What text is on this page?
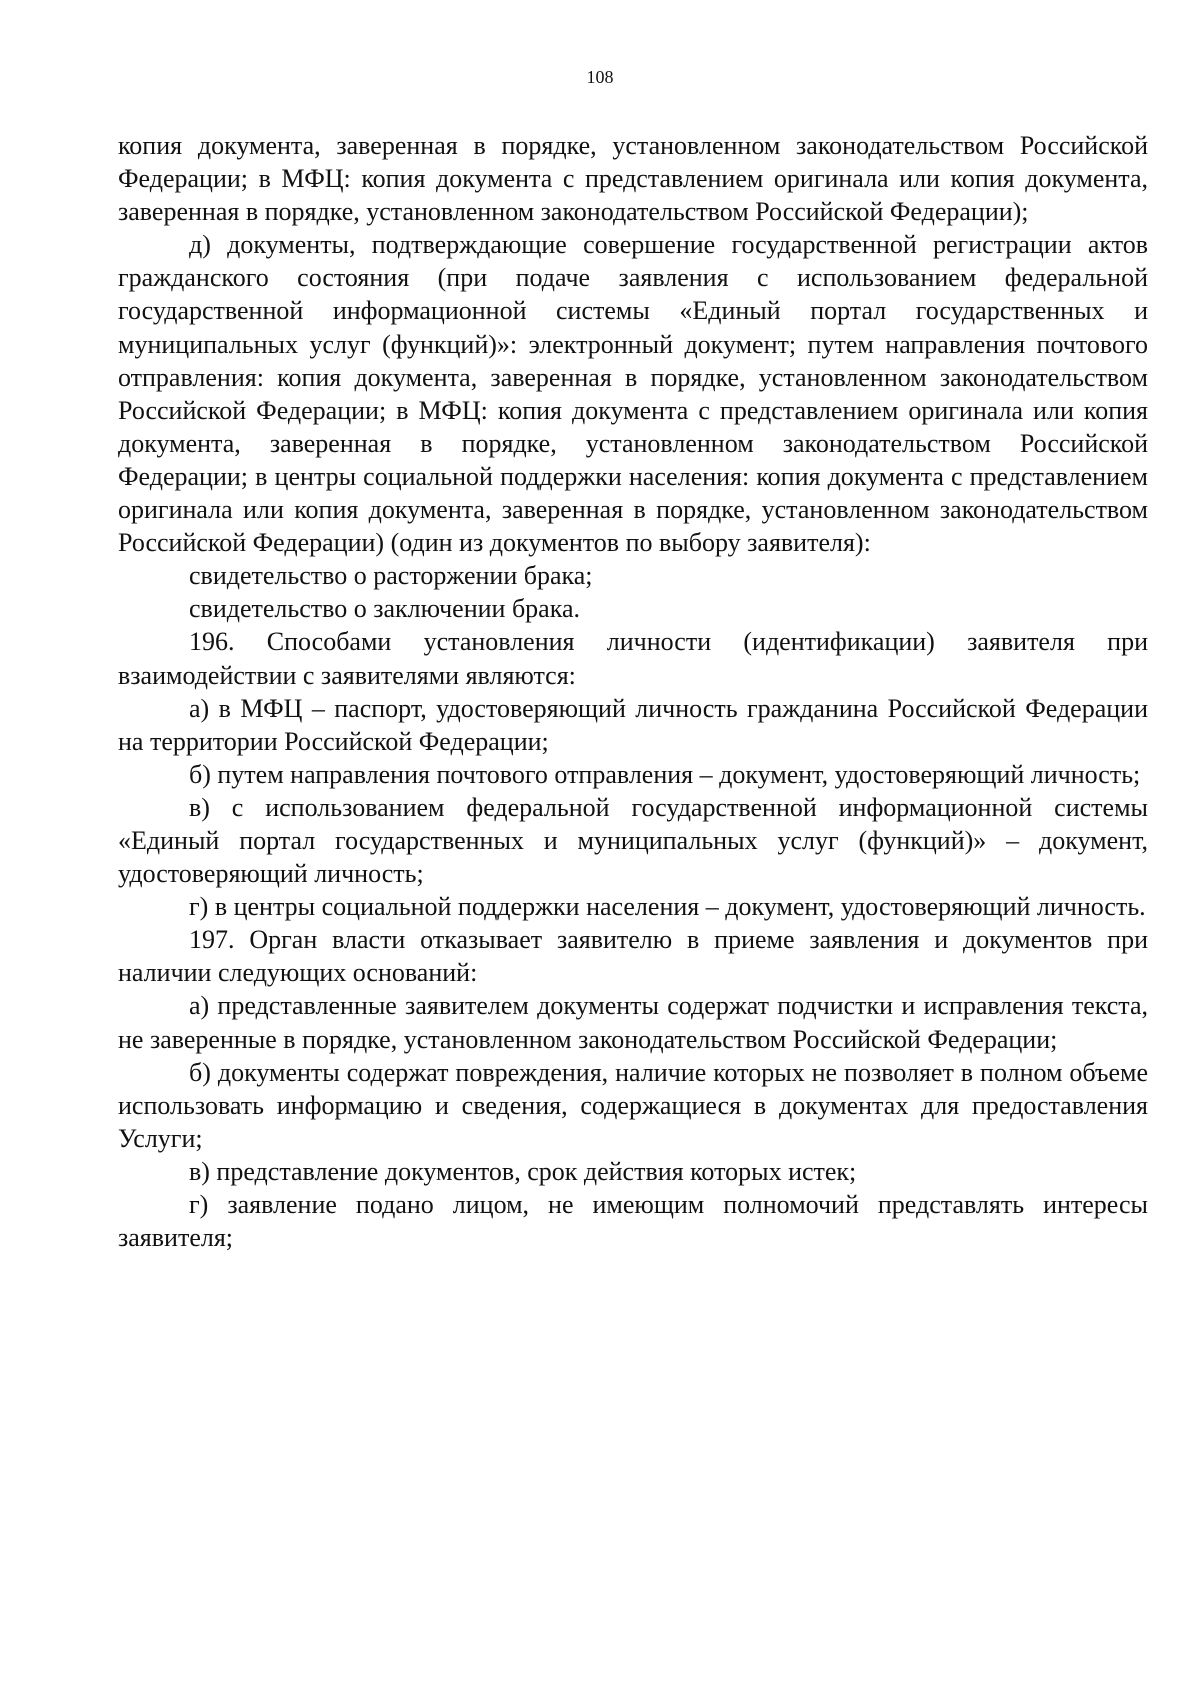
108

копия документа, заверенная в порядке, установленном законодательством Российской Федерации; в МФЦ: копия документа с представлением оригинала или копия документа, заверенная в порядке, установленном законодательством Российской Федерации);

д) документы, подтверждающие совершение государственной регистрации актов гражданского состояния (при подаче заявления с использованием федеральной государственной информационной системы «Единый портал государственных и муниципальных услуг (функций)»: электронный документ; путем направления почтового отправления: копия документа, заверенная в порядке, установленном законодательством Российской Федерации; в МФЦ: копия документа с представлением оригинала или копия документа, заверенная в порядке, установленном законодательством Российской Федерации; в центры социальной поддержки населения: копия документа с представлением оригинала или копия документа, заверенная в порядке, установленном законодательством Российской Федерации) (один из документов по выбору заявителя):

свидетельство о расторжении брака;

свидетельство о заключении брака.

196. Способами установления личности (идентификации) заявителя при взаимодействии с заявителями являются:

а) в МФЦ – паспорт, удостоверяющий личность гражданина Российской Федерации на территории Российской Федерации;

б) путем направления почтового отправления – документ, удостоверяющий личность;

в) с использованием федеральной государственной информационной системы «Единый портал государственных и муниципальных услуг (функций)» – документ, удостоверяющий личность;

г) в центры социальной поддержки населения – документ, удостоверяющий личность.

197. Орган власти отказывает заявителю в приеме заявления и документов при наличии следующих оснований:

а) представленные заявителем документы содержат подчистки и исправления текста, не заверенные в порядке, установленном законодательством Российской Федерации;

б) документы содержат повреждения, наличие которых не позволяет в полном объеме использовать информацию и сведения, содержащиеся в документах для предоставления Услуги;

в) представление документов, срок действия которых истек;

г) заявление подано лицом, не имеющим полномочий представлять интересы заявителя;
